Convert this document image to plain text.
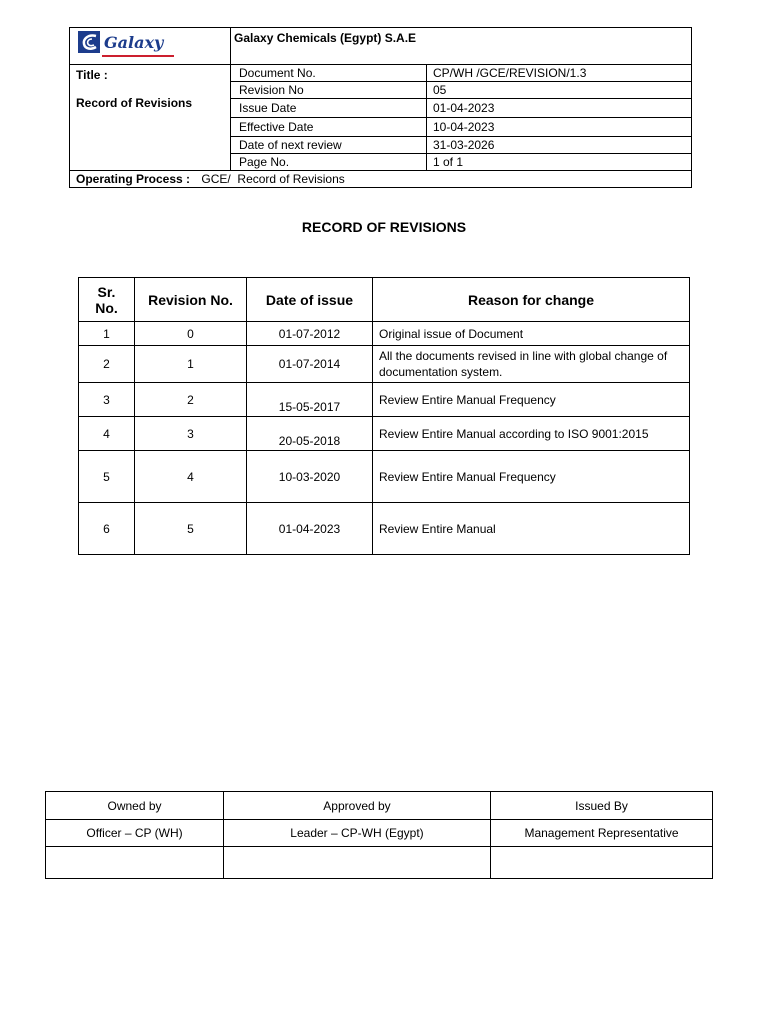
Galaxy	Galaxy Chemicals (Egypt) S.A.E	

Title :
Record of Revisions	Document No.	CP/WH /GCE/REVISION/1.3
	Revision No	05
	Issue Date	01-04-2023
	Effective Date	10-04-2023
	Date of next review	31-03-2026
	Page No.	1 of 1
Operating Process : GCE/  Record of Revisions		
RECORD OF REVISIONS
Sr. No.	Revision No.	Date of issue	Reason for change
1	0	01-07-2012	Original issue of Document
2	1	01-07-2014	All the documents revised in line with global change of documentation system.
3	2	15-05-2017	Review Entire Manual Frequency
4	3	20-05-2018	Review Entire Manual according to ISO 9001:2015
5	4	10-03-2020	Review Entire Manual Frequency
6	5	01-04-2023	Review Entire Manual
Owned by	Approved by	Issued By
Officer – CP (WH)	Leader – CP-WH (Egypt)	Management Representative
